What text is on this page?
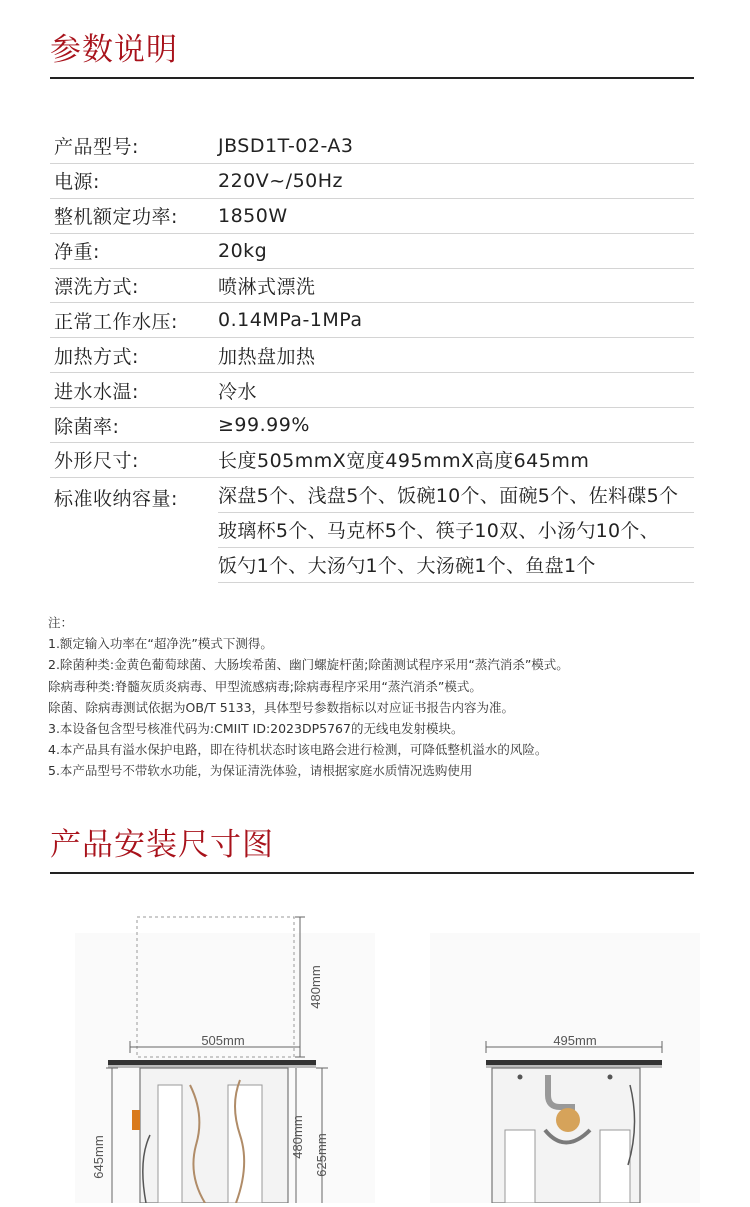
参数说明
产品型号:	JBSD1T-02-A3
电源:	220V~/50Hz
整机额定功率:	1850W
净重:	20kg
漂洗方式:	喷淋式漂洗
正常工作水压:	0.14MPa-1MPa
加热方式:	加热盘加热
进水水温:	冷水
除菌率:	≥99.99%
外形尺寸:	长度505mmX宽度495mmX高度645mm
标准收纳容量:	深盘5个、浅盘5个、饭碗10个、面碗5个、佐料碟5个
玻璃杯5个、马克杯5个、筷子10双、小汤勺10个、
饭勺1个、大汤勺1个、大汤碗1个、鱼盘1个
注：
1.额定输入功率在“超净洗”模式下测得。
2.除菌种类:金黄色葡萄球菌、大肠埃希菌、幽门螺旋杆菌;除菌测试程序采用“蒸汽消杀”模式。
除病毒种类:脊髓灰质炎病毒、甲型流感病毒;除病毒程序采用“蒸汽消杀”模式。
除菌、除病毒测试依据为OB/T 5133，具体型号参数指标以对应证书报告内容为准。
3.本设备包含型号核准代码为:CMIIT ID:2023DP5767的无线电发射模块。
4.本产品具有溢水保护电路，即在待机状态时该电路会进行检测，可降低整机溢水的风险。
5.本产品型号不带软水功能，为保证清洗体验，请根据家庭水质情况选购使用
产品安装尺寸图
480mm
505mm
645mm	480mm 625mm
495mm
